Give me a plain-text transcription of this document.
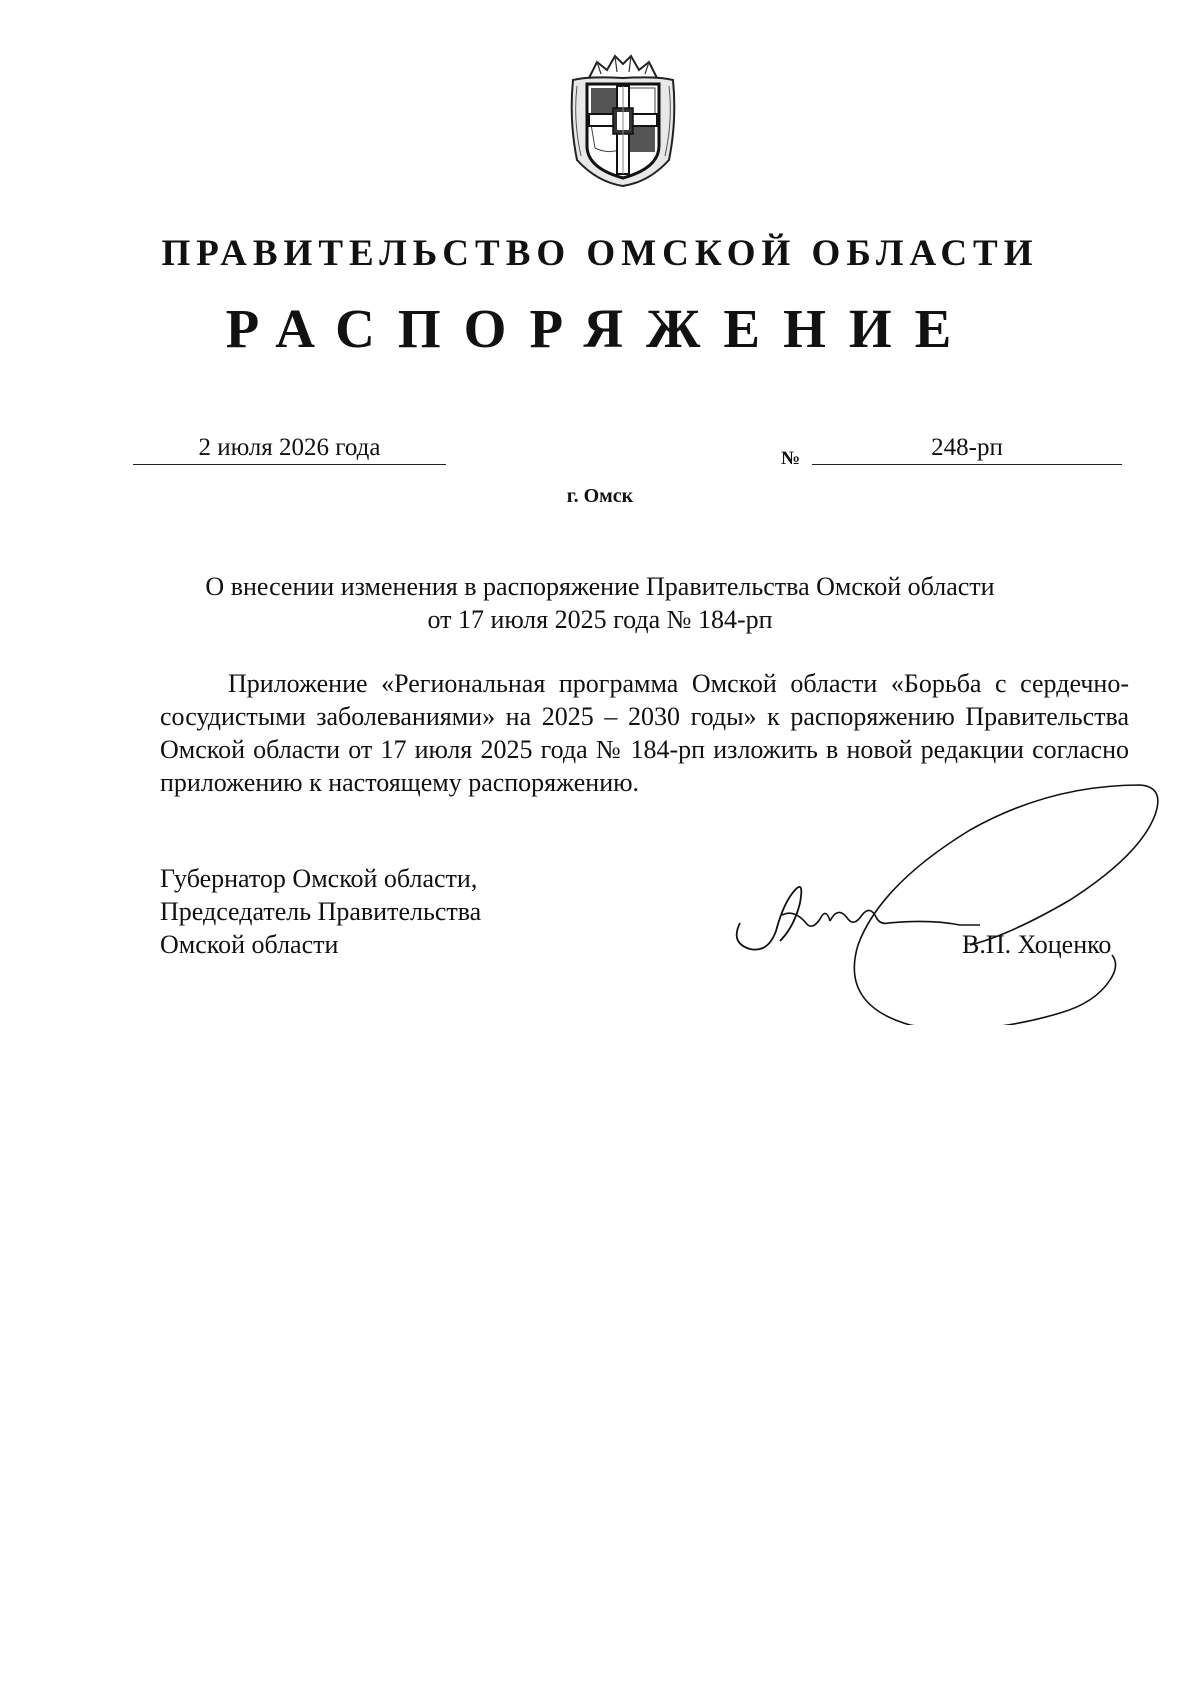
ПРАВИТЕЛЬСТВО ОМСКОЙ ОБЛАСТИ
РАСПОРЯЖЕНИЕ
2 июля 2026 года	№	248-рп
г. Омск
О внесении изменения в распоряжение Правительства Омской области
от 17 июля 2025 года № 184-рп

Приложение «Региональная программа Омской области «Борьба с сердечно-сосудистыми заболеваниями» на 2025 – 2030 годы» к распоряжению Правительства Омской области от 17 июля 2025 года № 184-рп изложить в новой редакции согласно приложению к настоящему распоряжению.

Губернатор Омской области,
Председатель Правительства
Омской области	В.П. Хоценко
